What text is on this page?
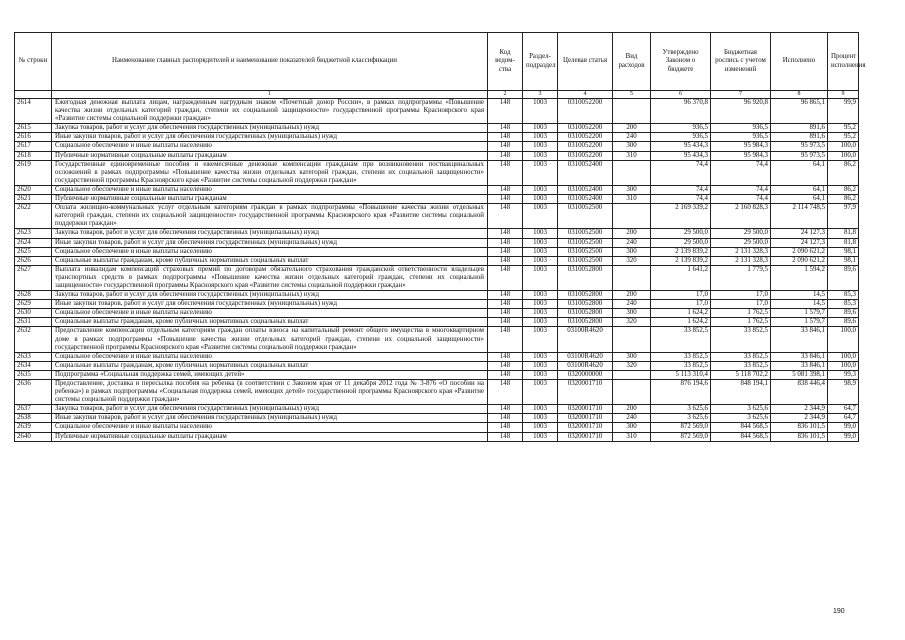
№ строки	Наименование главных распорядителей и наименование показателей бюджетной классификации	Код ведом- ства	Раздел- подраздел	Целевая статья	Вид расходов	Утверждено Законом о бюджете	Бюджетная роспись с учетом изменений	Исполнено	Процент исполнения
	1	2	3	4	5	6	7	8	9
2614	Ежегодная денежная выплата лицам, награжденным нагрудным знаком «Почетный донор России», в рамках подпрограммы «Повышение качества жизни отдельных категорий граждан, степени их социальной защищенности» государственной программы Красноярского края «Развитие системы социальной поддержки граждан»	148	1003	0310052200		96 370,8	96 920,8	96 865,1	99,9
2615	Закупка товаров, работ и услуг для обеспечения государственных (муниципальных) нужд	148	1003	0310052200	200	936,5	936,5	891,6	95,2
2616	Иные закупки товаров, работ и услуг для обеспечения государственных (муниципальных) нужд	148	1003	0310052200	240	936,5	936,5	891,6	95,2
2617	Социальное обеспечение и иные выплаты населению	148	1003	0310052200	300	95 434,3	95 984,3	95 973,5	100,0
2618	Публичные нормативные социальные выплаты гражданам	148	1003	0310052200	310	95 434,3	95 984,3	95 973,5	100,0
2619	Государственные единовременные пособия и ежемесячные денежные компенсации гражданам при возникновении поствакцинальных осложнений в рамках подпрограммы «Повышение качества жизни отдельных категорий граждан, степени их социальной защищенности» государственной программы Красноярского края «Развитие системы социальной поддержки граждан»	148	1003	0310052400		74,4	74,4	64,1	86,2
2620	Социальное обеспечение и иные выплаты населению	148	1003	0310052400	300	74,4	74,4	64,1	86,2
2621	Публичные нормативные социальные выплаты гражданам	148	1003	0310052400	310	74,4	74,4	64,1	86,2
2622	Оплата жилищно-коммунальных услуг отдельным категориям граждан в рамках подпрограммы «Повышение качества жизни отдельных категорий граждан, степени их социальной защищенности» государственной программы Красноярского края «Развитие системы социальной поддержки граждан»	148	1003	0310052500		2 169 339,2	2 160 828,3	2 114 748,5	97,9
2623	Закупка товаров, работ и услуг для обеспечения государственных (муниципальных) нужд	148	1003	0310052500	200	29 500,0	29 500,0	24 127,3	81,8
2624	Иные закупки товаров, работ и услуг для обеспечения государственных (муниципальных) нужд	148	1003	0310052500	240	29 500,0	29 500,0	24 127,3	81,8
2625	Социальное обеспечение и иные выплаты населению	148	1003	0310052500	300	2 139 839,2	2 131 328,3	2 090 621,2	98,1
2626	Социальные выплаты гражданам, кроме публичных нормативных социальных выплат	148	1003	0310052500	320	2 139 839,2	2 131 328,3	2 090 621,2	98,1
2627	Выплата инвалидам компенсаций страховых премий по договорам обязательного страхования гражданской ответственности владельцев транспортных средств в рамках подпрограммы «Повышение качества жизни отдельных категорий граждан, степени их социальной защищенности» государственной программы Красноярского края «Развитие системы социальной поддержки граждан»	148	1003	0310052800		1 641,2	1 779,5	1 594,2	89,6
2628	Закупка товаров, работ и услуг для обеспечения государственных (муниципальных) нужд	148	1003	0310052800	200	17,0	17,0	14,5	85,3
2629	Иные закупки товаров, работ и услуг для обеспечения государственных (муниципальных) нужд	148	1003	0310052800	240	17,0	17,0	14,5	85,3
2630	Социальное обеспечение и иные выплаты населению	148	1003	0310052800	300	1 624,2	1 762,5	1 579,7	89,6
2631	Социальные выплаты гражданам, кроме публичных нормативных социальных выплат	148	1003	0310052800	320	1 624,2	1 762,5	1 579,7	89,6
2632	Предоставление компенсации отдельным категориям граждан оплаты взноса на капитальный ремонт общего имущества в многоквартирном доме в рамках подпрограммы «Повышение качества жизни отдельных категорий граждан, степени их социальной защищенности» государственной программы Красноярского края «Развитие системы социальной поддержки граждан»	148	1003	03100R4620		33 852,5	33 852,5	33 846,1	100,0
2633	Социальное обеспечение и иные выплаты населению	148	1003	03100R4620	300	33 852,5	33 852,5	33 846,1	100,0
2634	Социальные выплаты гражданам, кроме публичных нормативных социальных выплат	148	1003	03100R4620	320	33 852,5	33 852,5	33 846,1	100,0
2635	Подпрограмма «Социальная поддержка семей, имеющих детей»	148	1003	0320000000		5 113 310,4	5 118 702,2	5 081 398,1	99,3
2636	Предоставление, доставка и пересылка пособия на ребенка (в соответствии с Законом края от 11 декабря 2012 года № 3-876 «О пособии на ребенка») в рамках подпрограммы «Социальная поддержка семей, имеющих детей» государственной программы Красноярского края «Развитие системы социальной поддержки граждан»	148	1003	0320001710		876 194,6	848 194,1	838 446,4	98,9
2637	Закупка товаров, работ и услуг для обеспечения государственных (муниципальных) нужд	148	1003	0320001710	200	3 625,6	3 625,6	2 344,9	64,7
2638	Иные закупки товаров, работ и услуг для обеспечения государственных (муниципальных) нужд	148	1003	0320001710	240	3 625,6	3 625,6	2 344,9	64,7
2639	Социальное обеспечение и иные выплаты населению	148	1003	0320001710	300	872 569,0	844 568,5	836 101,5	99,0
2640	Публичные нормативные социальные выплаты гражданам	148	1003	0320001710	310	872 569,0	844 568,5	836 101,5	99,0
190
